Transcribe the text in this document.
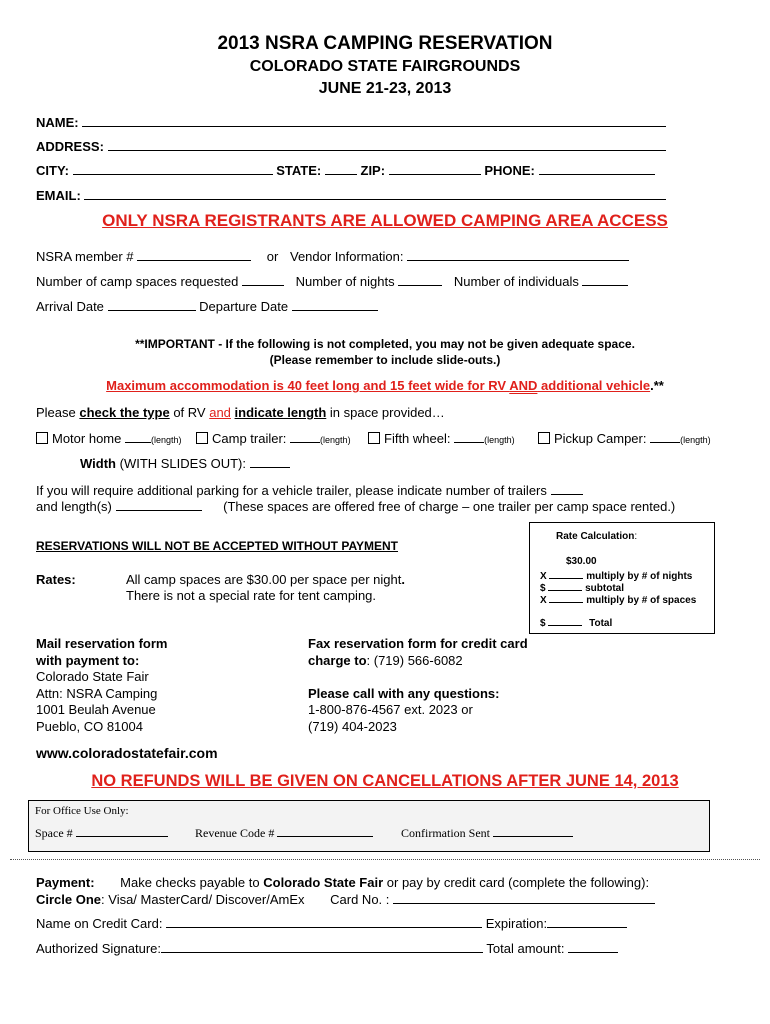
2013 NSRA CAMPING RESERVATION
COLORADO STATE FAIRGROUNDS
JUNE 21-23, 2013
NAME:
ADDRESS:
CITY:	STATE:	ZIP:	PHONE:
EMAIL:
ONLY NSRA REGISTRANTS ARE ALLOWED CAMPING AREA ACCESS
NSRA member #	or Vendor Information:
Number of camp spaces requested	Number of nights	Number of individuals
Arrival Date	Departure Date
**IMPORTANT - If the following is not completed, you may not be given adequate space.
(Please remember to include slide-outs.)
Maximum accommodation is 40 feet long and 15 feet wide for RV AND additional vehicle.**
Please check the type of RV and indicate length in space provided…
Motor home	(length)	Camp trailer:	(length)	Fifth wheel:	(length)	Pickup Camper:	(length)
Width (WITH SLIDES OUT):
If you will require additional parking for a vehicle trailer, please indicate number of trailers
and length(s)	(These spaces are offered free of charge – one trailer per camp space rented.)
RESERVATIONS WILL NOT BE ACCEPTED WITHOUT PAYMENT
Rates:	All camp spaces are $30.00 per space per night.
There is not a special rate for tent camping.
Rate Calculation:
$30.00
X	multiply by # of nights
$	subtotal
X	multiply by # of spaces
$	Total
Mail reservation form
with payment to:
Colorado State Fair
Attn: NSRA Camping
1001 Beulah Avenue
Pueblo, CO 81004
Fax reservation form for credit card
charge to: (719) 566-6082
Please call with any questions:
1-800-876-4567 ext. 2023 or
(719) 404-2023
www.coloradostatefair.com
NO REFUNDS WILL BE GIVEN ON CANCELLATIONS AFTER JUNE 14, 2013
For Office Use Only:
Space #	Revenue Code #	Confirmation Sent
Payment: Make checks payable to Colorado State Fair or pay by credit card (complete the following):
Circle One: Visa/ MasterCard/ Discover/AmEx Card No. :
Name on Credit Card:	Expiration:
Authorized Signature:	Total amount:
